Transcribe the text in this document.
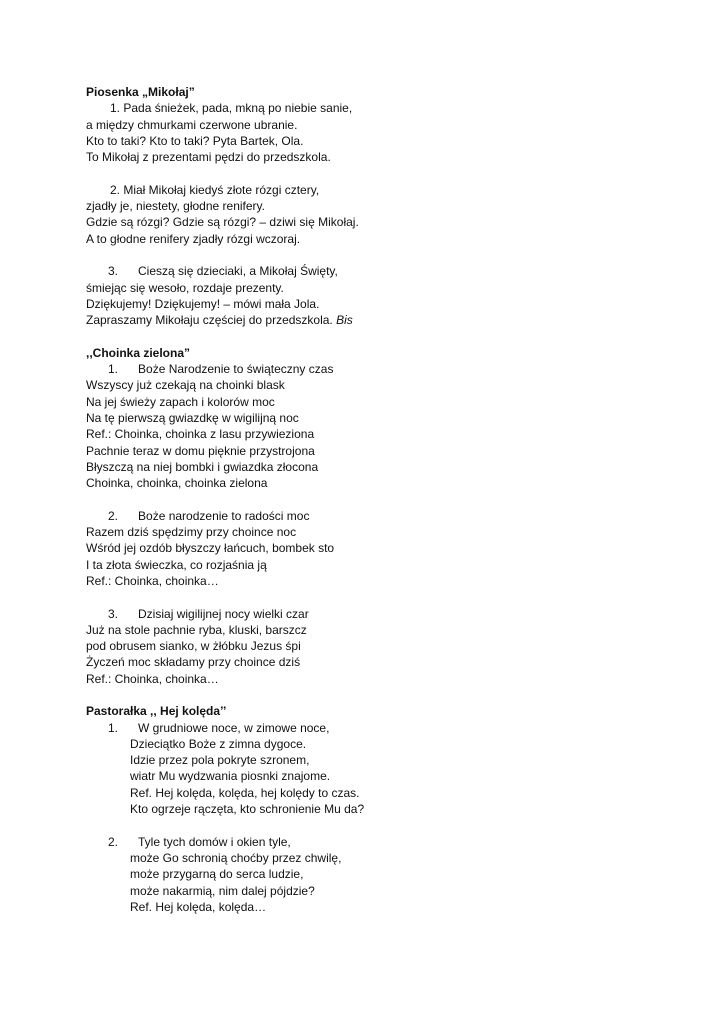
Piosenka „Mikołaj”
1. Pada śnieżek, pada, mkną po niebie sanie,
a między chmurkami czerwone ubranie.
Kto to taki? Kto to taki? Pyta Bartek, Ola.
To Mikołaj z prezentami pędzi do przedszkola.
2. Miał Mikołaj kiedyś złote rózgi cztery,
zjadły je, niestety, głodne renifery.
Gdzie są rózgi? Gdzie są rózgi? – dziwi się Mikołaj.
A to głodne renifery zjadły rózgi wczoraj.
3. Cieszą się dzieciaki, a Mikołaj Święty,
śmiejąc się wesoło, rozdaje prezenty.
Dziękujemy! Dziękujemy! – mówi mała Jola.
Zapraszamy Mikołaju częściej do przedszkola. Bis
,,Choinka zielona”
1. Boże Narodzenie to świąteczny czas
Wszyscy już czekają na choinki blask
Na jej świeży zapach i kolorów moc
Na tę pierwszą gwiazdkę w wigilijną noc
Ref.: Choinka, choinka z lasu przywieziona
Pachnie teraz w domu pięknie przystrojona
Błyszczą na niej bombki i gwiazdka złocona
Choinka, choinka, choinka zielona
2. Boże narodzenie to radości moc
Razem dziś spędzimy przy choince noc
Wśród jej ozdób błyszczy łańcuch, bombek sto
I ta złota świeczka, co rozjaśnia ją
Ref.: Choinka, choinka…
3. Dzisiaj wigilijnej nocy wielki czar
Już na stole pachnie ryba, kluski, barszcz
pod obrusem sianko, w żłóbku Jezus śpi
Życzeń moc składamy przy choince dziś
Ref.: Choinka, choinka…
Pastorałka ,, Hej kolęda’’
1. W grudniowe noce, w zimowe noce,
Dzieciątko Boże z zimna dygoce.
Idzie przez pola pokryte szronem,
wiatr Mu wydzwania piosnki znajome.
Ref. Hej kolęda, kolęda, hej kolędy to czas.
Kto ogrzeje rączęta, kto schronienie Mu da?
2. Tyle tych domów i okien tyle,
może Go schronią choćby przez chwilę,
może przygarną do serca ludzie,
może nakarmią, nim dalej pójdzie?
Ref. Hej kolęda, kolęda…
